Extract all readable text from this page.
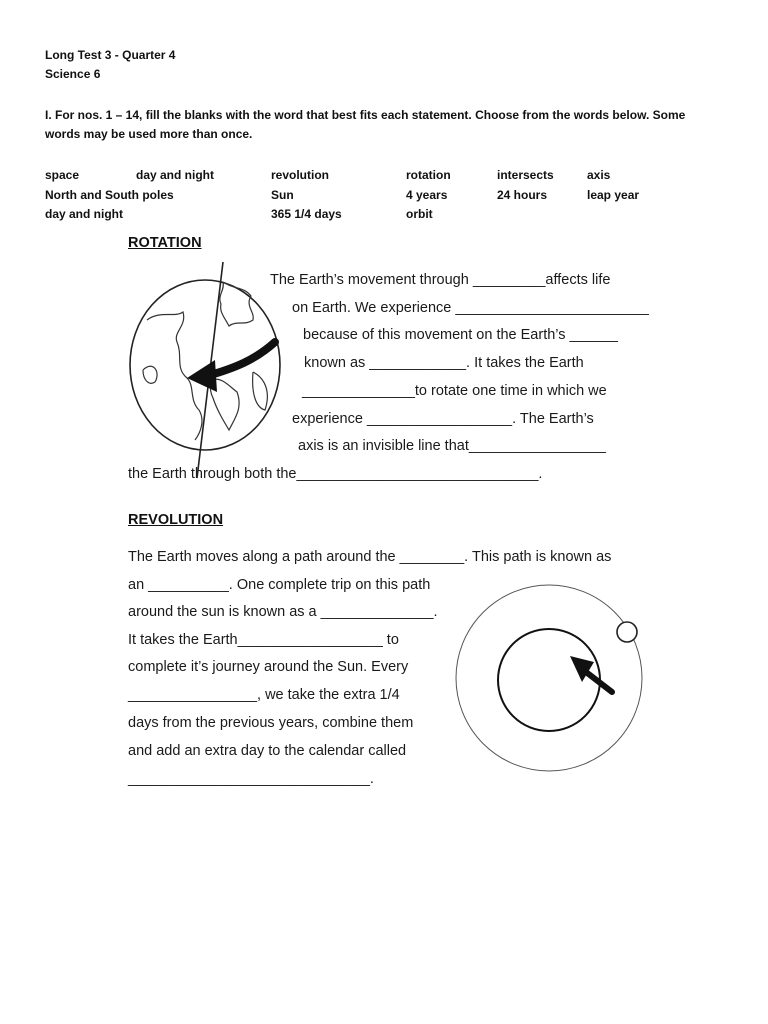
Long Test 3 - Quarter 4
Science 6
I. For nos. 1 – 14, fill the blanks with the word that best fits each statement. Choose from the words below. Some
words may be used more than once.
space	day and night	revolution	rotation	intersects	axis
North and South poles	Sun	4 years	24 hours	leap year
day and night	365 1/4 days	orbit
ROTATION
The Earth’s movement through _________affects life
on Earth. We experience ________________________
because of this movement on the Earth’s ______
known as ____________. It takes the Earth
______________to rotate one time in which we
experience __________________. The Earth’s
axis is an invisible line that_________________
the Earth through both the______________________________.
REVOLUTION
The Earth moves along a path around the ________. This path is known as
an __________. One complete trip on this path
around the sun is known as a ______________.
It takes the Earth__________________ to
complete it’s journey around the Sun. Every
________________, we take the extra 1/4
days from the previous years, combine them
and add an extra day to the calendar called
______________________________.
